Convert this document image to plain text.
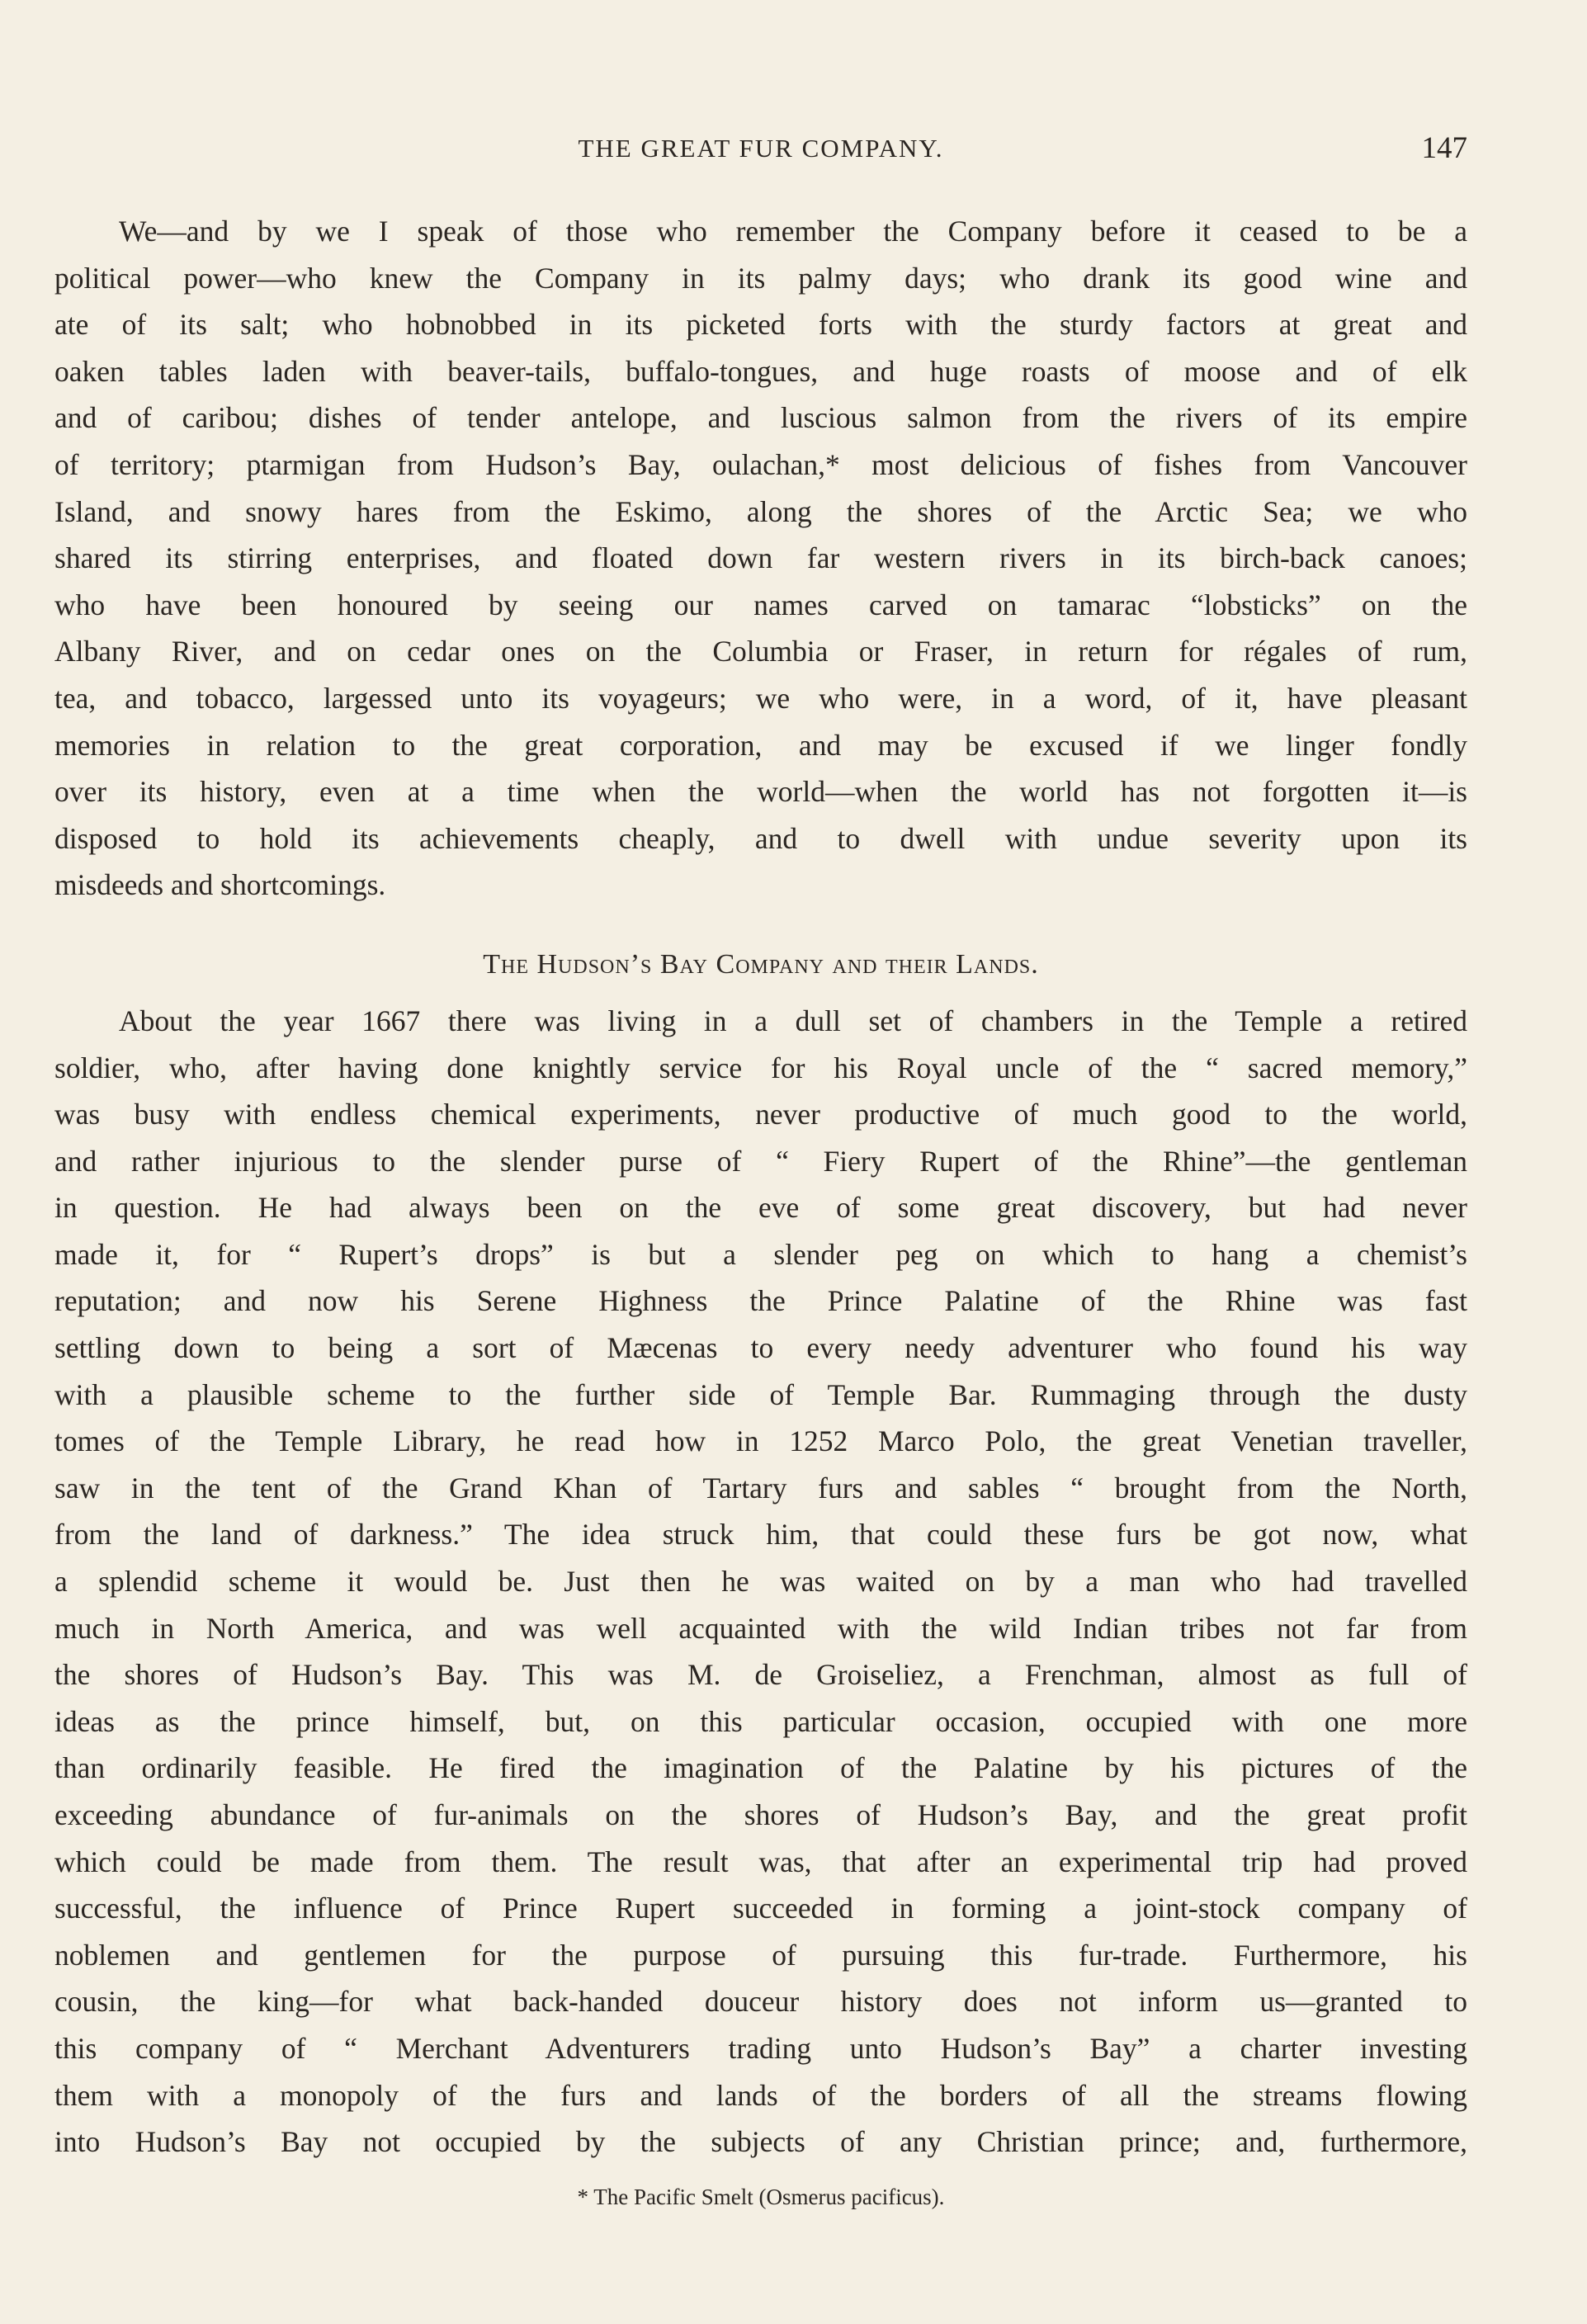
THE GREAT FUR COMPANY.	147
We—and by we I speak of those who remember the Company before it ceased to be a
political power—who knew the Company in its palmy days; who drank its good wine and
ate of its salt; who hobnobbed in its picketed forts with the sturdy factors at great and
oaken tables laden with beaver-tails, buffalo-tongues, and huge roasts of moose and of elk
and of caribou; dishes of tender antelope, and luscious salmon from the rivers of its empire
of territory; ptarmigan from Hudson’s Bay, oulachan,* most delicious of fishes from Vancouver
Island, and snowy hares from the Eskimo, along the shores of the Arctic Sea; we who
shared its stirring enterprises, and floated down far western rivers in its birch-back canoes;
who have been honoured by seeing our names carved on tamarac “lobsticks” on the
Albany River, and on cedar ones on the Columbia or Fraser, in return for régales of rum,
tea, and tobacco, largessed unto its voyageurs; we who were, in a word, of it, have pleasant
memories in relation to the great corporation, and may be excused if we linger fondly
over its history, even at a time when the world—when the world has not forgotten it—is
disposed to hold its achievements cheaply, and to dwell with undue severity upon its
misdeeds and shortcomings.
The Hudson’s Bay Company and their Lands.
About the year 1667 there was living in a dull set of chambers in the Temple a retired
soldier, who, after having done knightly service for his Royal uncle of the “ sacred memory,”
was busy with endless chemical experiments, never productive of much good to the world,
and rather injurious to the slender purse of “ Fiery Rupert of the Rhine”—the gentleman
in question. He had always been on the eve of some great discovery, but had never
made it, for “ Rupert’s drops” is but a slender peg on which to hang a chemist’s
reputation; and now his Serene Highness the Prince Palatine of the Rhine was fast
settling down to being a sort of Mæcenas to every needy adventurer who found his way
with a plausible scheme to the further side of Temple Bar. Rummaging through the dusty
tomes of the Temple Library, he read how in 1252 Marco Polo, the great Venetian traveller,
saw in the tent of the Grand Khan of Tartary furs and sables “ brought from the North,
from the land of darkness.” The idea struck him, that could these furs be got now, what
a splendid scheme it would be. Just then he was waited on by a man who had travelled
much in North America, and was well acquainted with the wild Indian tribes not far from
the shores of Hudson’s Bay. This was M. de Groiseliez, a Frenchman, almost as full of
ideas as the prince himself, but, on this particular occasion, occupied with one more
than ordinarily feasible. He fired the imagination of the Palatine by his pictures of the
exceeding abundance of fur-animals on the shores of Hudson’s Bay, and the great profit
which could be made from them. The result was, that after an experimental trip had proved
successful, the influence of Prince Rupert succeeded in forming a joint-stock company of
noblemen and gentlemen for the purpose of pursuing this fur-trade. Furthermore, his
cousin, the king—for what back-handed douceur history does not inform us—granted to
this company of “ Merchant Adventurers trading unto Hudson’s Bay” a charter investing
them with a monopoly of the furs and lands of the borders of all the streams flowing
into Hudson’s Bay not occupied by the subjects of any Christian prince; and, furthermore,
* The Pacific Smelt (Osmerus pacificus).
